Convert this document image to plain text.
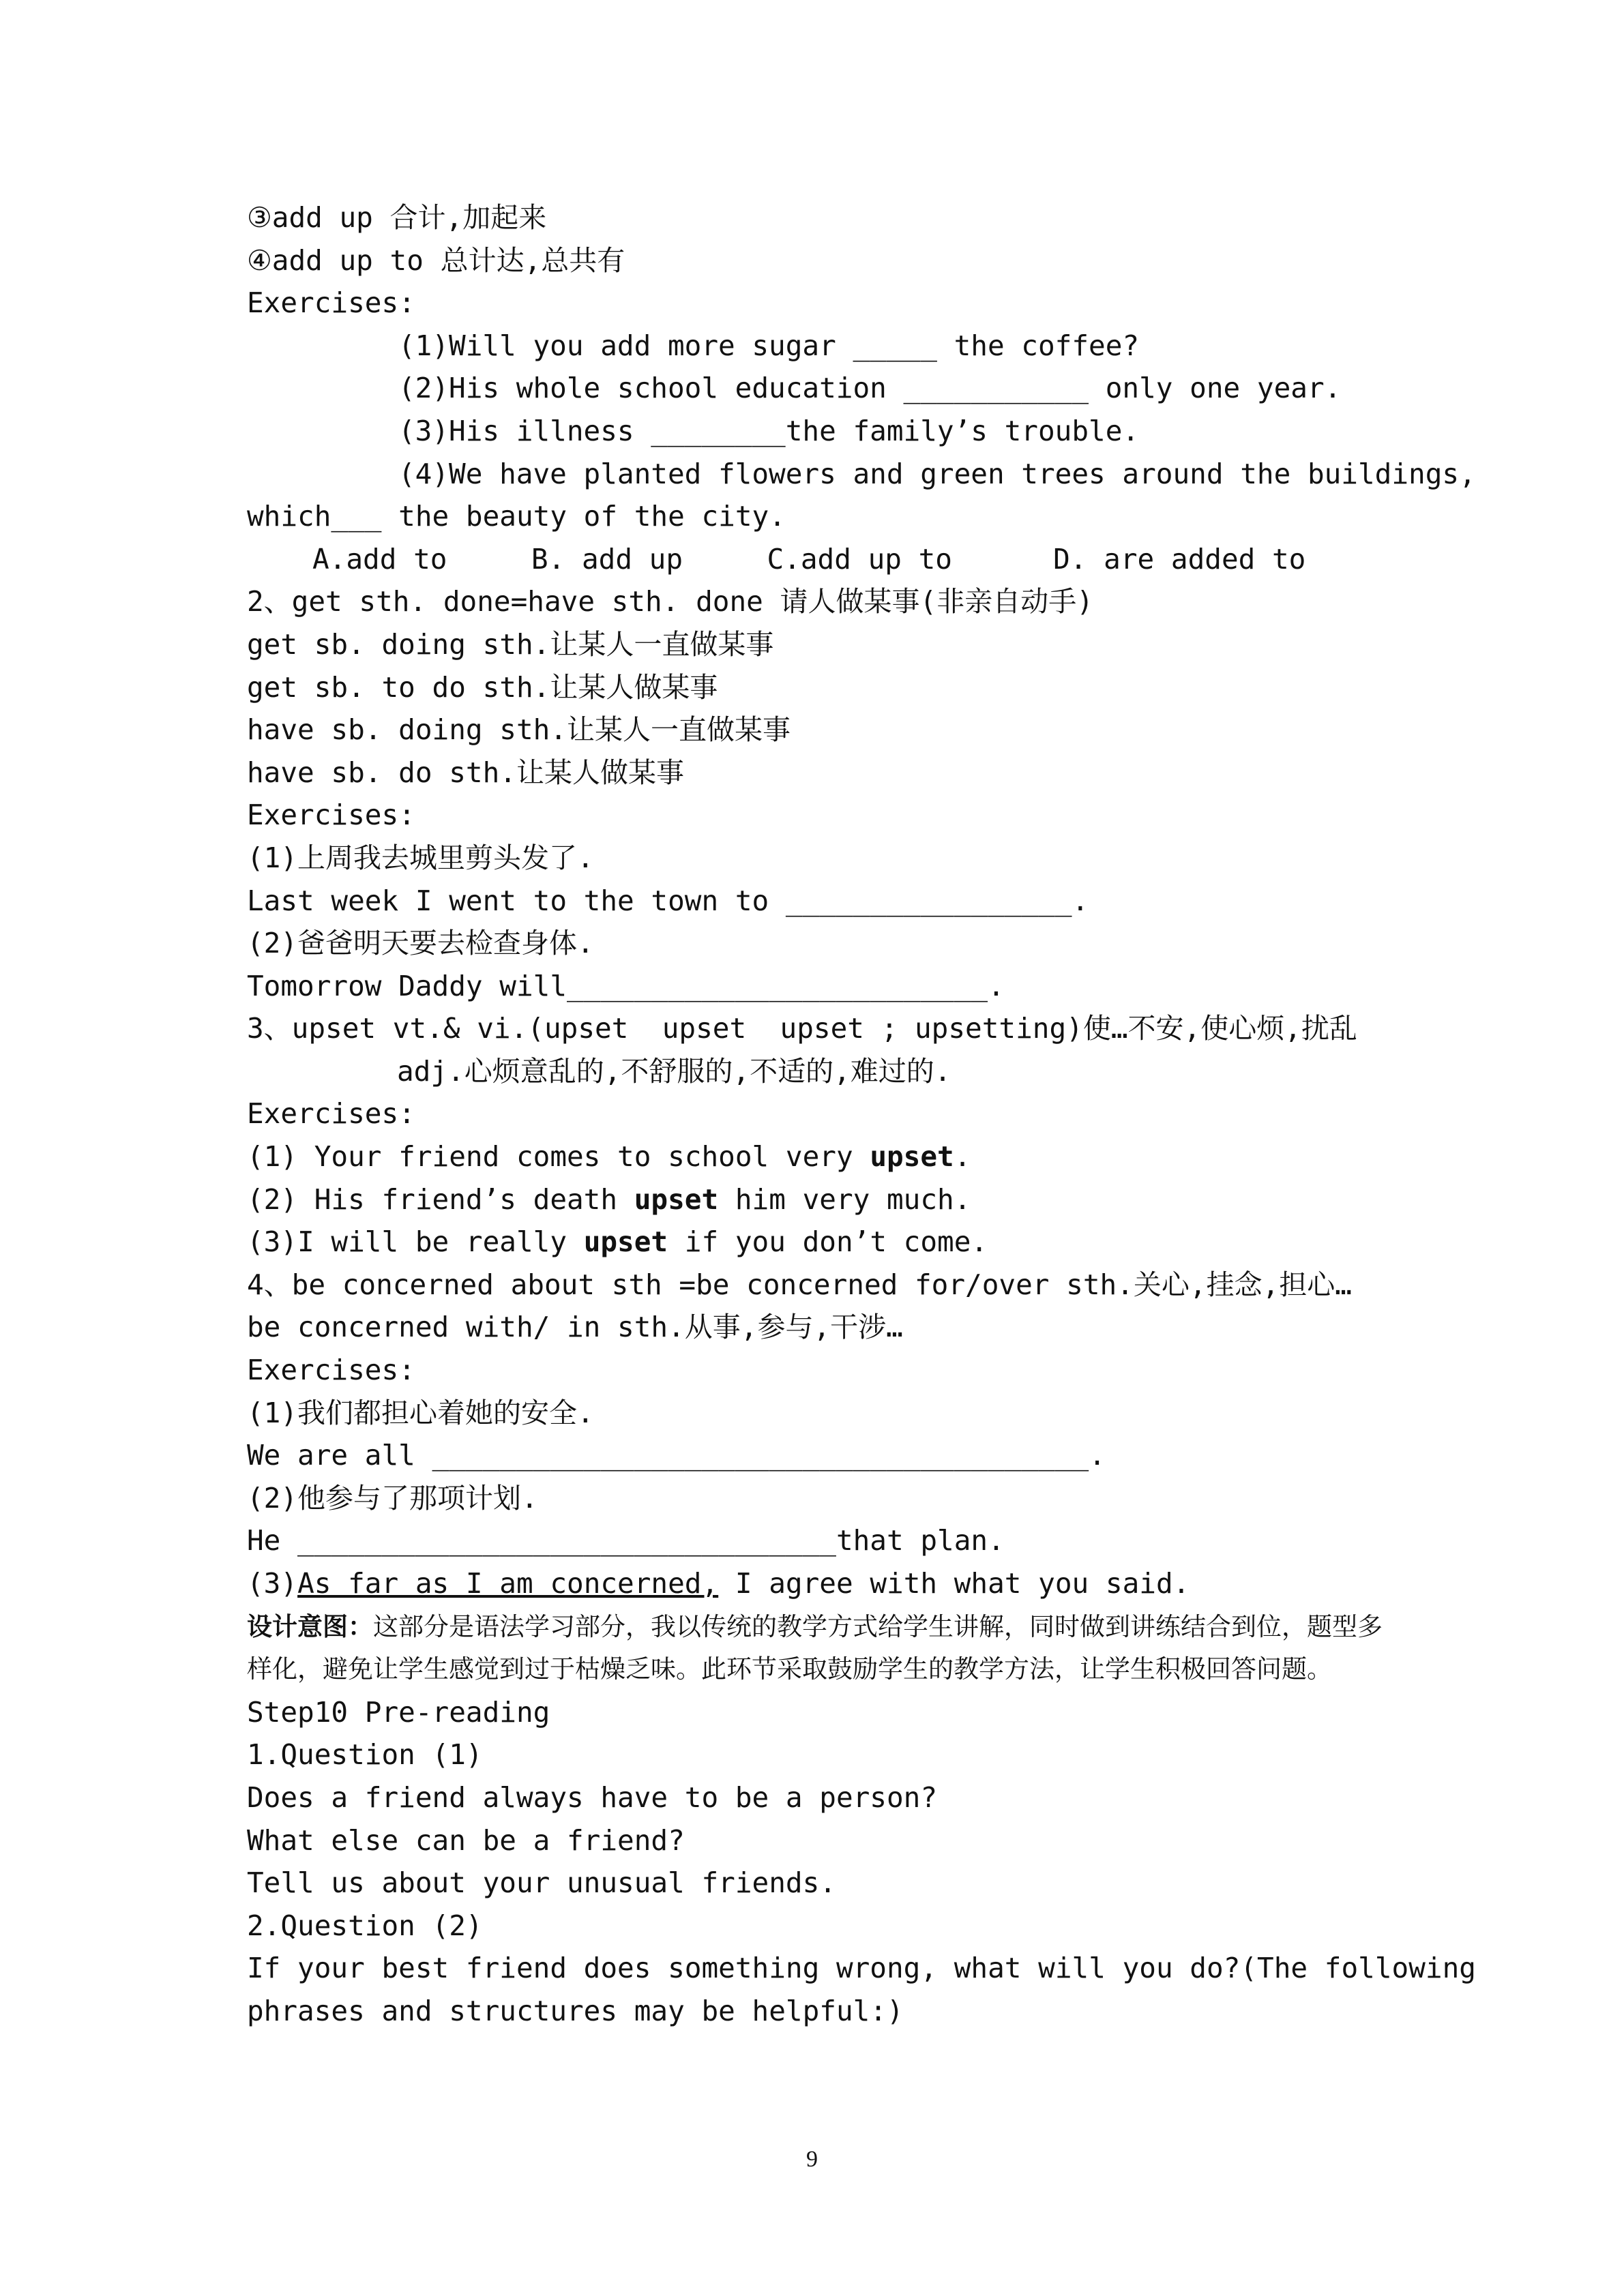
③add up 合计,加起来
④add up to 总计达,总共有
Exercises:
(1)Will you add more sugar _____ the coffee?
(2)His whole school education ___________ only one year.
(3)His illness ________the family’s trouble.
(4)We have planted flowers and green trees around the buildings,
which___ the beauty of the city.
A.add to     B. add up     C.add up to      D. are added to
2、get sth. done=have sth. done 请人做某事(非亲自动手)
get sb. doing sth.让某人一直做某事
get sb. to do sth.让某人做某事
have sb. doing sth.让某人一直做某事
have sb. do sth.让某人做某事
Exercises:
(1)上周我去城里剪头发了.
Last week I went to the town to _________________.
(2)爸爸明天要去检查身体.
Tomorrow Daddy will_________________________.
3、upset vt.& vi.(upset  upset  upset ; upsetting)使…不安,使心烦,扰乱
adj.心烦意乱的,不舒服的,不适的,难过的.
Exercises:
(1) Your friend comes to school very upset.
(2) His friend’s death upset him very much.
(3)I will be really upset if you don’t come.
4、be concerned about sth =be concerned for/over sth.关心,挂念,担心…
be concerned with/ in sth.从事,参与,干涉…
Exercises:
(1)我们都担心着她的安全.
We are all _______________________________________.
(2)他参与了那项计划.
He ________________________________that plan.
(3)As far as I am concerned, I agree with what you said.
设计意图：这部分是语法学习部分，我以传统的教学方式给学生讲解，同时做到讲练结合到位，题型多样化，避免让学生感觉到过于枯燥乏味。此环节采取鼓励学生的教学方法，让学生积极回答问题。
Step10 Pre-reading
1.Question (1)
Does a friend always have to be a person?
What else can be a friend?
Tell us about your unusual friends.
2.Question (2)
If your best friend does something wrong, what will you do?(The following
phrases and structures may be helpful:)
9
